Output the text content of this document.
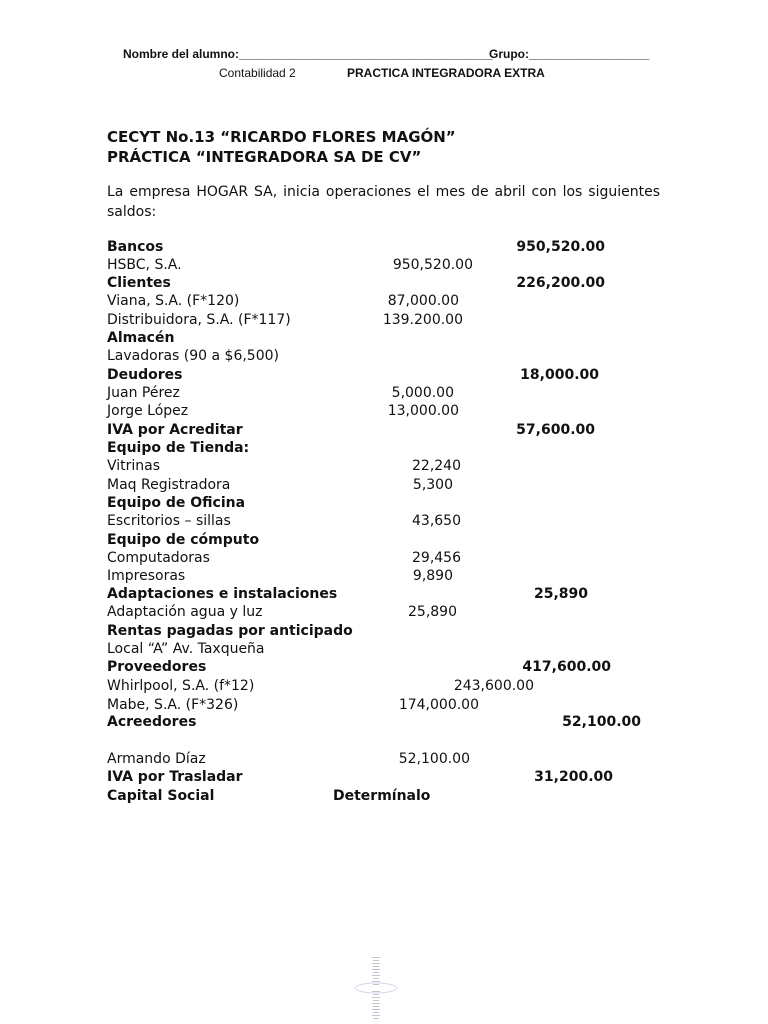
Nombre del alumno:______________________________________
Grupo:__________________
Contabilidad 2	PRACTICA INTEGRADORA EXTRA
CECYT No.13 “RICARDO FLORES MAGÓN”
PRÁCTICA “INTEGRADORA SA DE CV”
La empresa HOGAR SA, inicia operaciones el mes de abril con los siguientes saldos:
Bancos	950,520.00
HSBC, S.A.	950,520.00
Clientes	226,200.00
Viana, S.A. (F*120)	87,000.00
Distribuidora, S.A. (F*117)	139.200.00
Almacén
Lavadoras (90 a $6,500)
Deudores	18,000.00
Juan Pérez	5,000.00
Jorge López	13,000.00
IVA por Acreditar	57,600.00
Equipo de Tienda:
Vitrinas	22,240
Maq Registradora	5,300
Equipo de Oficina
Escritorios – sillas	43,650
Equipo de cómputo
Computadoras	29,456
Impresoras	9,890
Adaptaciones e instalaciones	25,890
Adaptación agua y luz	25,890
Rentas pagadas por anticipado
Local “A” Av. Taxqueña
Proveedores	417,600.00
Whirlpool, S.A. (f*12)	243,600.00
Mabe, S.A. (F*326)	174,000.00
Acreedores	52,100.00
Armando Díaz	52,100.00
IVA por Trasladar	31,200.00
Capital Social	Determínalo
